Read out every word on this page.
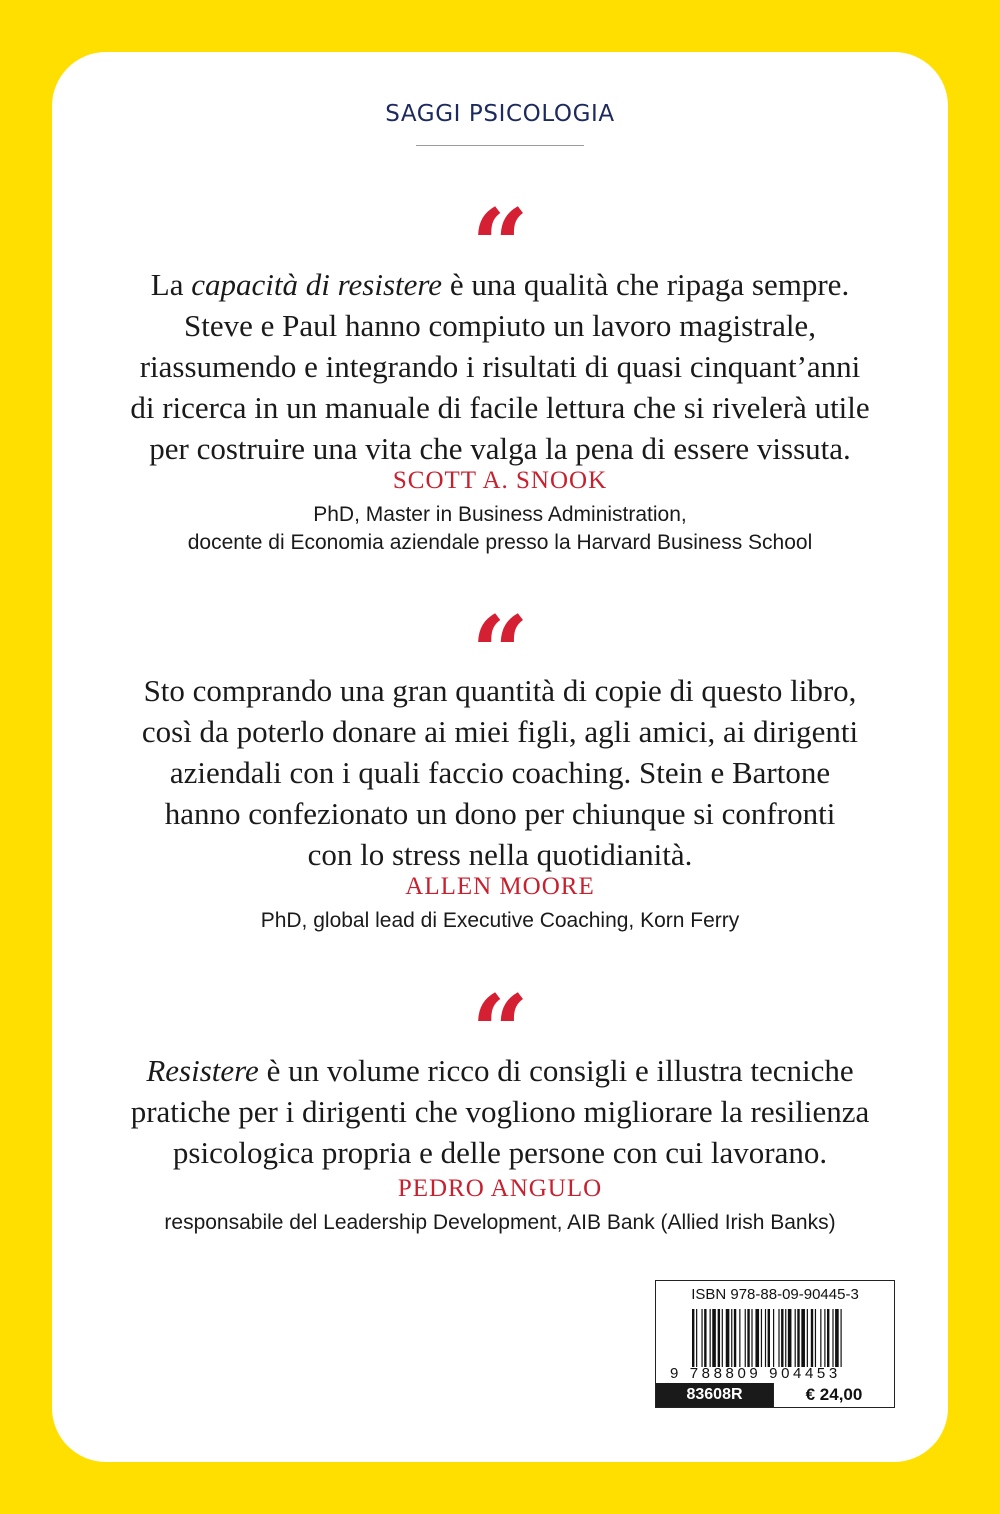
SAGGI PSICOLOGIA
“
La capacità di resistere è una qualità che ripaga sempre.
Steve e Paul hanno compiuto un lavoro magistrale,
riassumendo e integrando i risultati di quasi cinquant’anni
di ricerca in un manuale di facile lettura che si rivelerà utile
per costruire una vita che valga la pena di essere vissuta.
SCOTT A. SNOOK
PhD, Master in Business Administration,
docente di Economia aziendale presso la Harvard Business School
“
Sto comprando una gran quantità di copie di questo libro,
così da poterlo donare ai miei figli, agli amici, ai dirigenti
aziendali con i quali faccio coaching. Stein e Bartone
hanno confezionato un dono per chiunque si confronti
con lo stress nella quotidianità.
ALLEN MOORE
PhD, global lead di Executive Coaching, Korn Ferry
“
Resistere è un volume ricco di consigli e illustra tecniche
pratiche per i dirigenti che vogliono migliorare la resilienza
psicologica propria e delle persone con cui lavorano.
PEDRO ANGULO
responsabile del Leadership Development, AIB Bank (Allied Irish Banks)
ISBN 978-88-09-90445-3
9 788809 904453
83608R	€ 24,00
